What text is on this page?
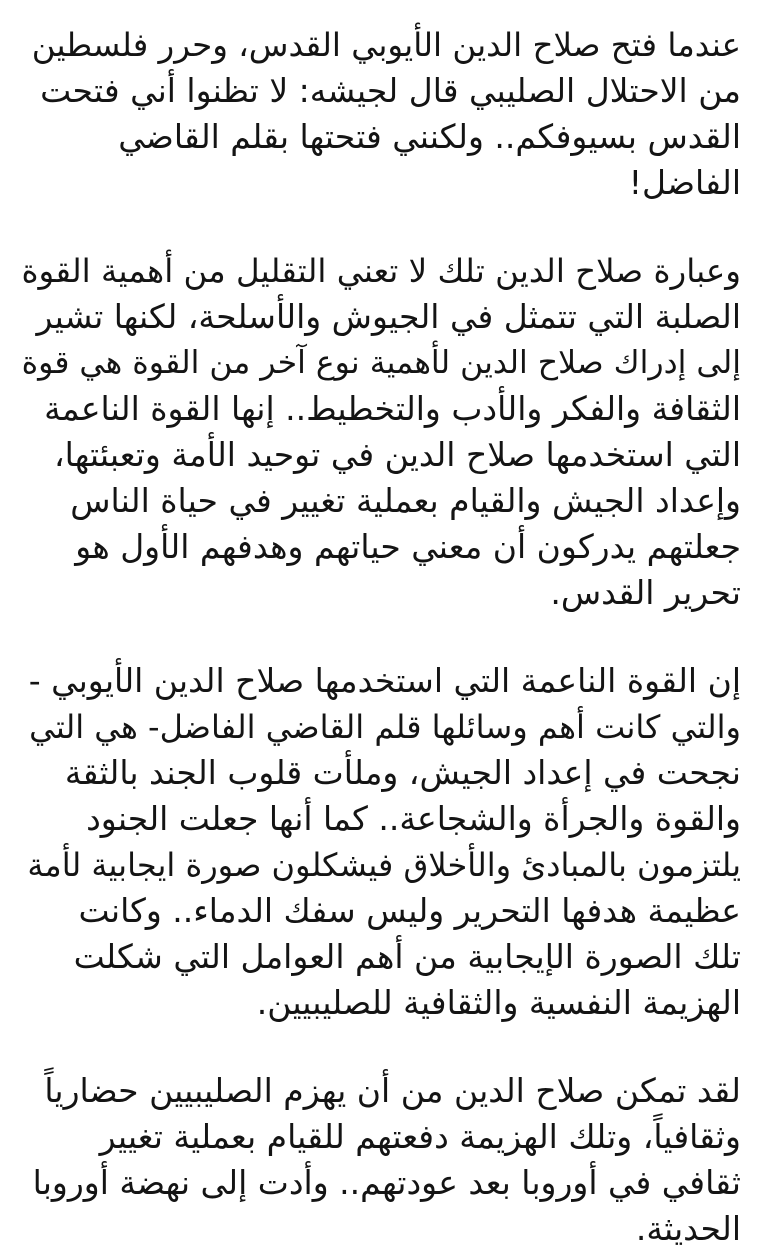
عندما فتح صلاح الدين الأيوبي القدس، وحرر فلسطين
من الاحتلال الصليبي قال لجيشه: لا تظنوا أني فتحت
القدس بسيوفكم.. ولكنني فتحتها بقلم القاضي
الفاضل!

وعبارة صلاح الدين تلك لا تعني التقليل من أهمية القوة
الصلبة التي تتمثل في الجيوش والأسلحة، لكنها تشير
إلى إدراك صلاح الدين لأهمية نوع آخر من القوة هي قوة
الثقافة والفكر والأدب والتخطيط.. إنها القوة الناعمة
التي استخدمها صلاح الدين في توحيد الأمة وتعبئتها،
وإعداد الجيش والقيام بعملية تغيير في حياة الناس
جعلتهم يدركون أن معني حياتهم وهدفهم الأول هو
تحرير القدس.

إن القوة الناعمة التي استخدمها صلاح الدين الأيوبي -
والتي كانت أهم وسائلها قلم القاضي الفاضل- هي التي
نجحت في إعداد الجيش، وملأت قلوب الجند بالثقة
والقوة والجرأة والشجاعة.. كما أنها جعلت الجنود
يلتزمون بالمبادئ والأخلاق فيشكلون صورة ايجابية لأمة
عظيمة هدفها التحرير وليس سفك الدماء.. وكانت
تلك الصورة الإيجابية من أهم العوامل التي شكلت
الهزيمة النفسية والثقافية للصليبيين.

لقد تمكن صلاح الدين من أن يهزم الصليبيين حضارياً
وثقافياً، وتلك الهزيمة دفعتهم للقيام بعملية تغيير
ثقافي في أوروبا بعد عودتهم.. وأدت إلى نهضة أوروبا
الحديثة.
